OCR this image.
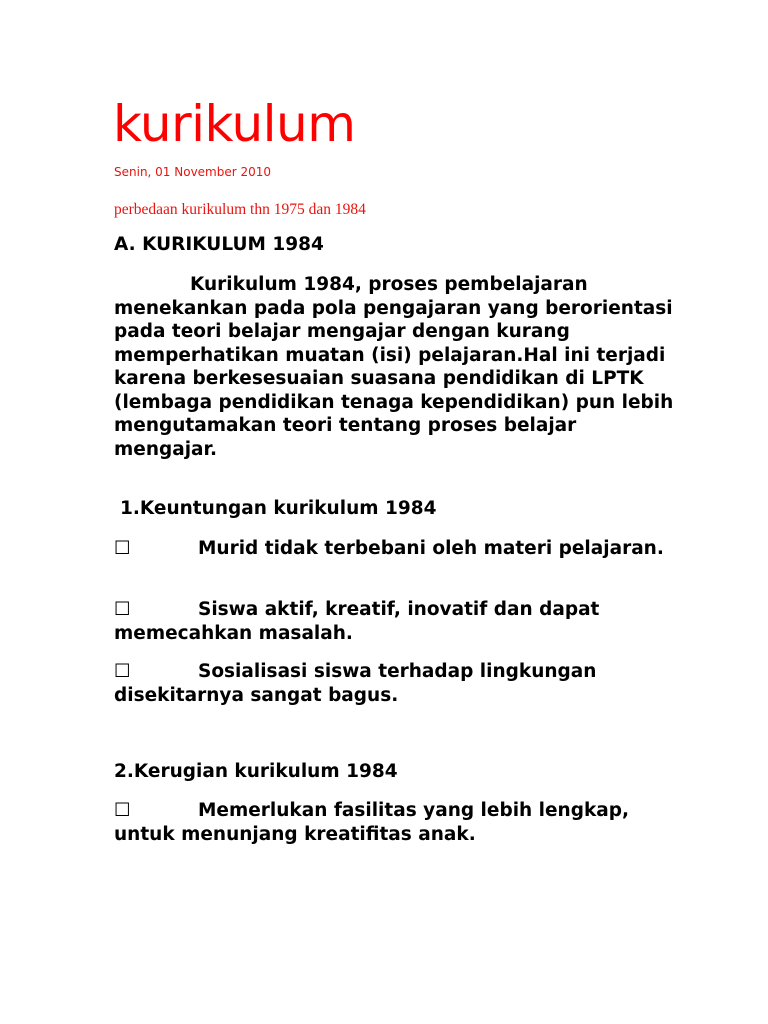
kurikulum

Senin, 01 November 2010

perbedaan kurikulum thn 1975 dan 1984

A. KURIKULUM 1984

Kurikulum 1984, proses pembelajaran menekankan pada pola pengajaran yang berorientasi pada teori belajar mengajar dengan kurang memperhatikan muatan (isi) pelajaran.Hal ini terjadi karena berkesesuaian suasana pendidikan di LPTK (lembaga pendidikan tenaga kependidikan) pun lebih mengutamakan teori tentang proses belajar mengajar.

1.Keuntungan kurikulum 1984

☐	Murid tidak terbebani oleh materi pelajaran.

☐	Siswa aktif, kreatif, inovatif dan dapat memecahkan masalah.

☐	Sosialisasi siswa terhadap lingkungan disekitarnya sangat bagus.

2.Kerugian kurikulum 1984

☐	Memerlukan fasilitas yang lebih lengkap, untuk menunjang kreatifitas anak.
